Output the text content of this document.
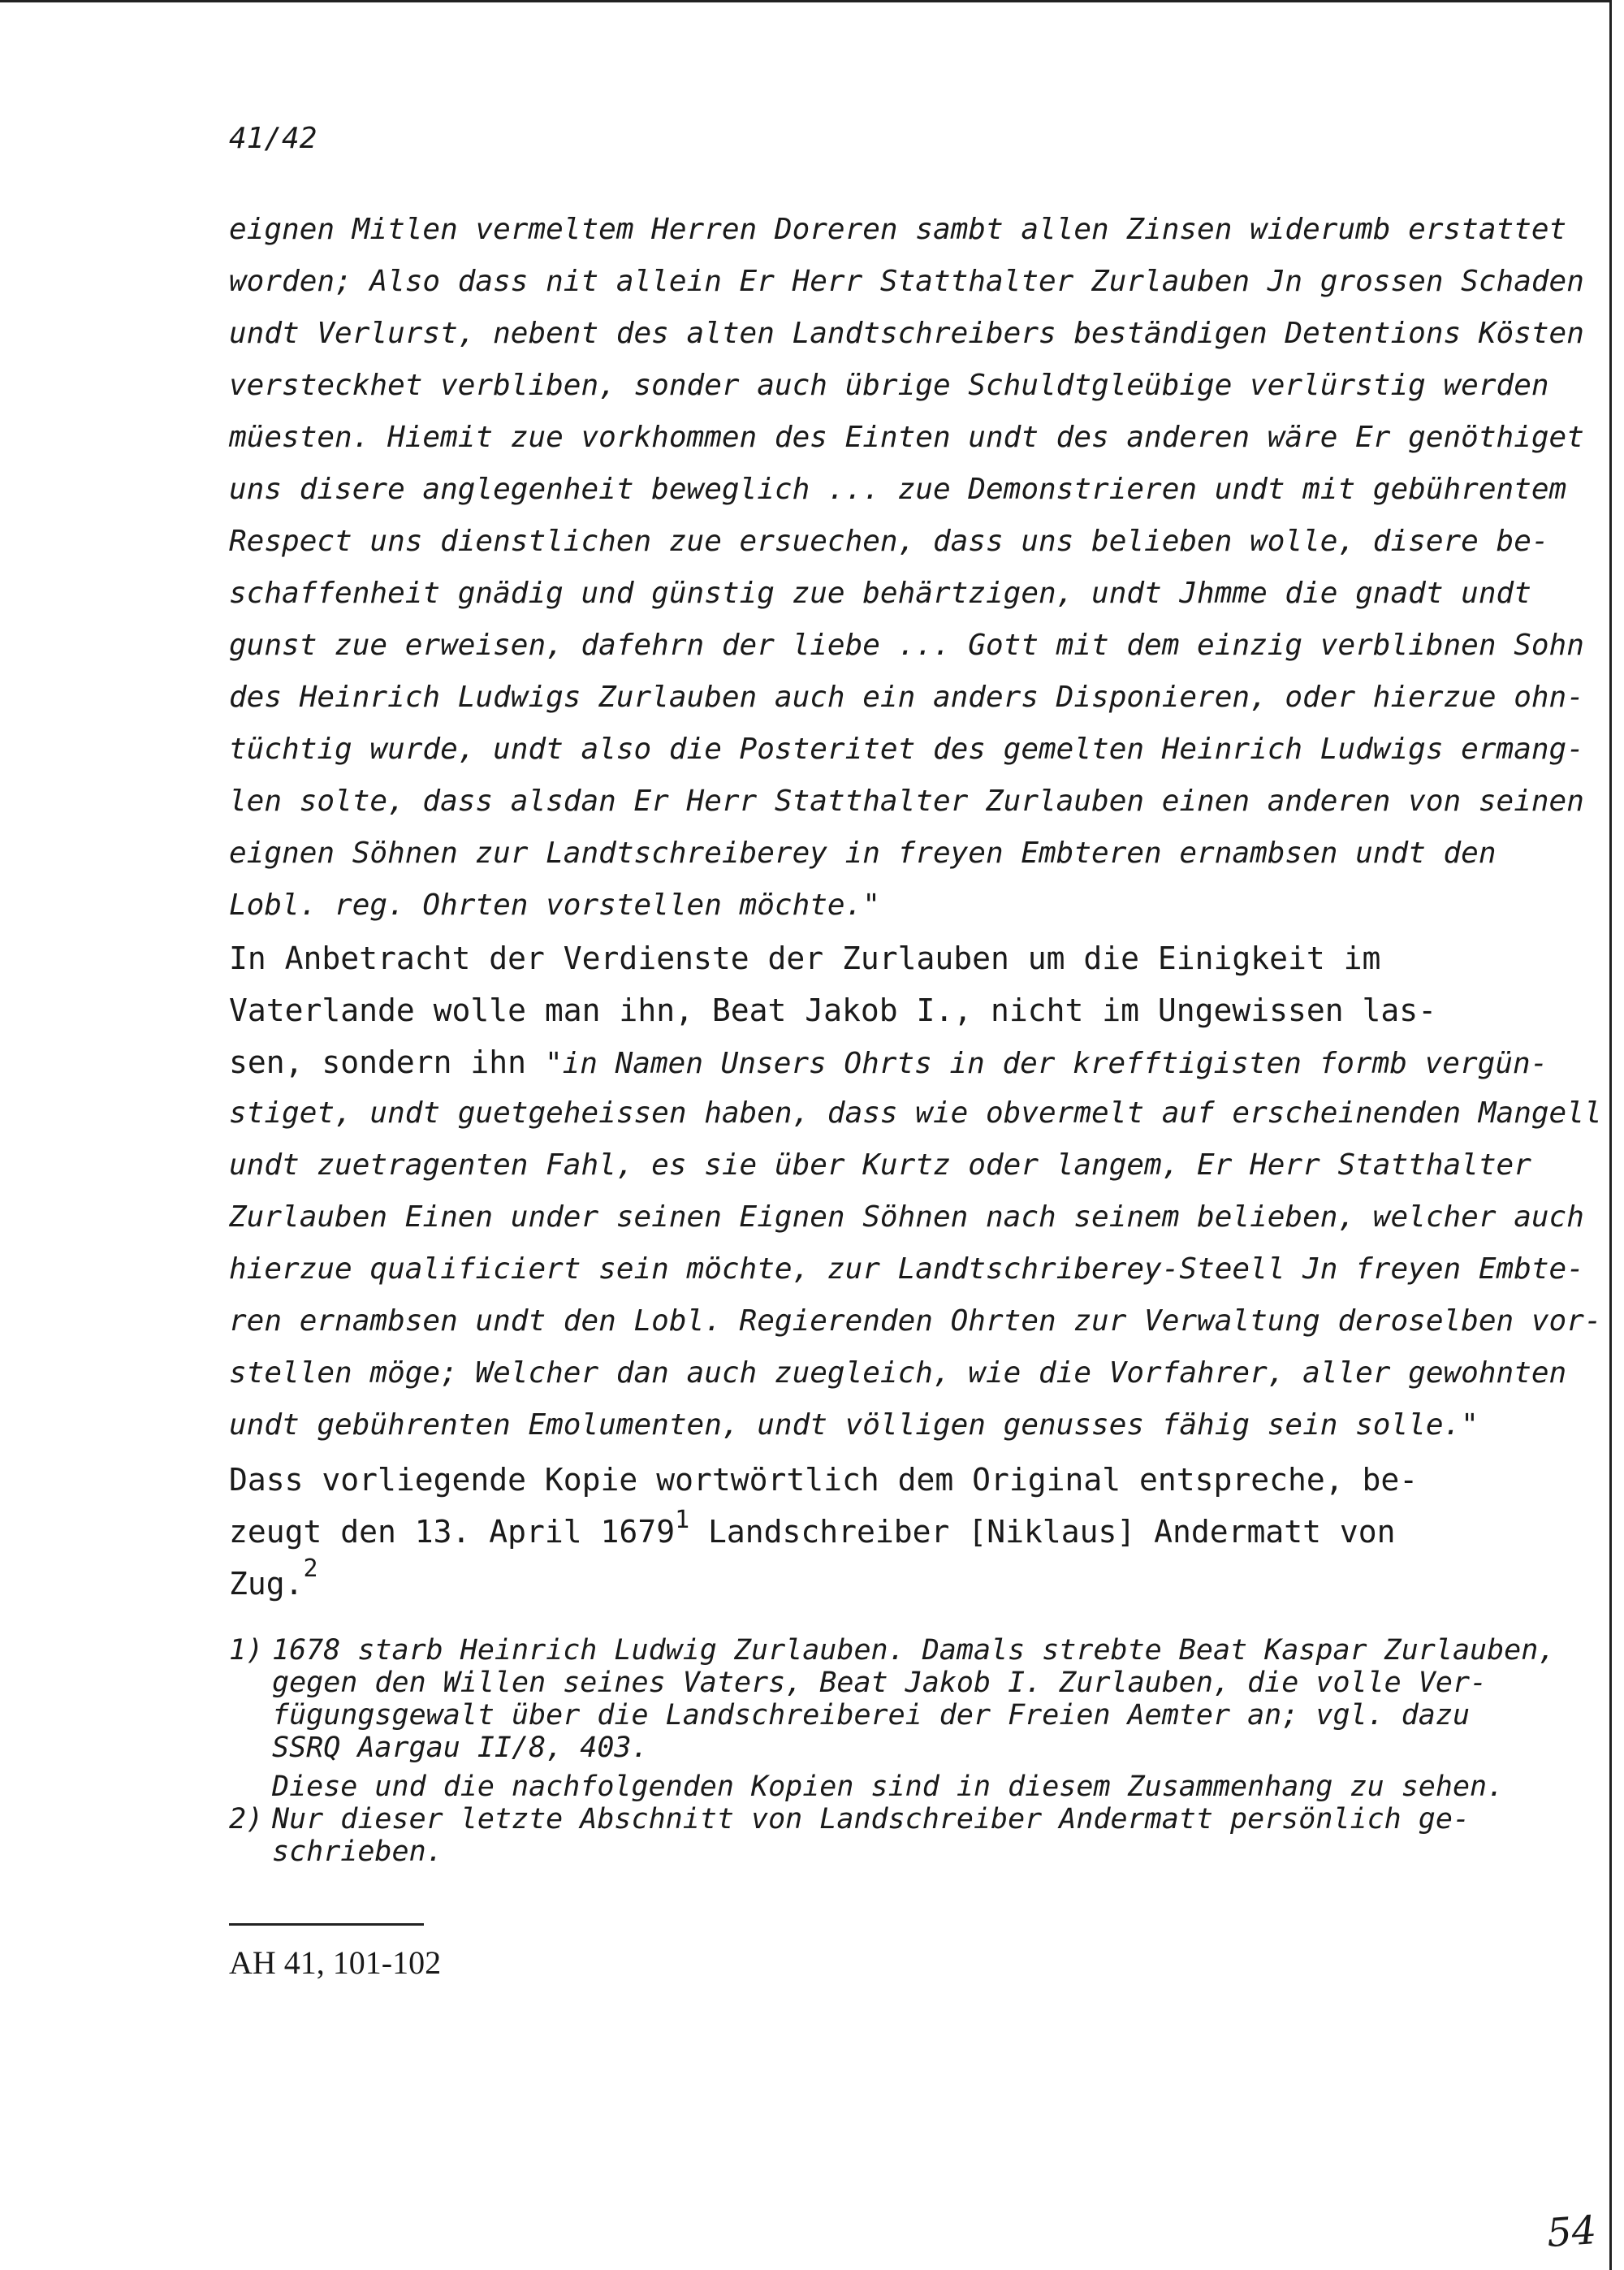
41/42
eignen Mitlen vermeltem Herren Doreren sambt allen Zinsen widerumb erstattet
worden; Also dass nit allein Er Herr Statthalter Zurlauben Jn grossen Schaden
undt Verlurst, nebent des alten Landtschreibers beständigen Detentions Kösten
versteckhet verbliben, sonder auch übrige Schuldtgleübige verlürstig werden
müesten. Hiemit zue vorkhommen des Einten undt des anderen wäre Er genöthiget
uns disere anglegenheit beweglich ... zue Demonstrieren undt mit gebührentem
Respect uns dienstlichen zue ersuechen, dass uns belieben wolle, disere be-
schaffenheit gnädig und günstig zue behärtzigen, undt Jhmme die gnadt undt
gunst zue erweisen, dafehrn der liebe ... Gott mit dem einzig verblibnen Sohn
des Heinrich Ludwigs Zurlauben auch ein anders Disponieren, oder hierzue ohn-
tüchtig wurde, undt also die Posteritet des gemelten Heinrich Ludwigs ermang-
len solte, dass alsdan Er Herr Statthalter Zurlauben einen anderen von seinen
eignen Söhnen zur Landtschreiberey in freyen Embteren ernambsen undt den
Lobl. reg. Ohrten vorstellen möchte."
In Anbetracht der Verdienste der Zurlauben um die Einigkeit im
Vaterlande wolle man ihn, Beat Jakob I., nicht im Ungewissen las-
sen, sondern ihn "in Namen Unsers Ohrts in der krefftigisten formb vergün-
stiget, undt guetgeheissen haben, dass wie obvermelt auf erscheinenden Mangell
undt zuetragenten Fahl, es sie über Kurtz oder langem, Er Herr Statthalter
Zurlauben Einen under seinen Eignen Söhnen nach seinem belieben, welcher auch
hierzue qualificiert sein möchte, zur Landtschriberey-Steell Jn freyen Embte-
ren ernambsen undt den Lobl. Regierenden Ohrten zur Verwaltung deroselben vor-
stellen möge; Welcher dan auch zuegleich, wie die Vorfahrer, aller gewohnten
undt gebührenten Emolumenten, undt völligen genusses fähig sein solle."
Dass vorliegende Kopie wortwörtlich dem Original entspreche, be-
zeugt den 13. April 1679$^1$ Landschreiber [Niklaus] Andermatt von
Zug.$^2$
1) 1678 starb Heinrich Ludwig Zurlauben. Damals strebte Beat Kaspar Zurlauben,
gegen den Willen seines Vaters, Beat Jakob I. Zurlauben, die volle Ver-
fügungsgewalt über die Landschreiberei der Freien Aemter an; vgl. dazu
SSRQ Aargau II/8, 403.
Diese und die nachfolgenden Kopien sind in diesem Zusammenhang zu sehen.
2) Nur dieser letzte Abschnitt von Landschreiber Andermatt persönlich ge-
schrieben.
AH 41, 101-102
54
